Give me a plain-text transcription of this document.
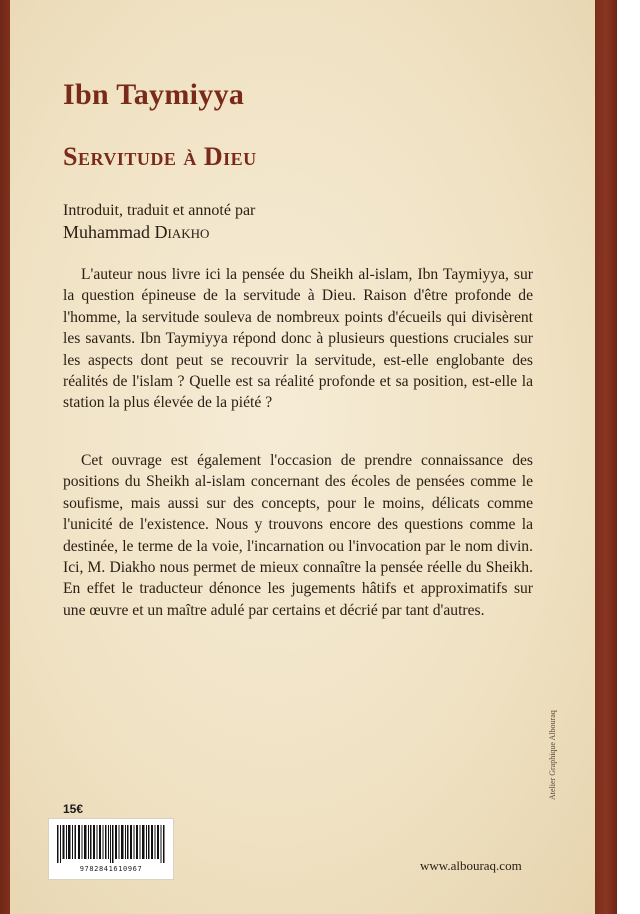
Ibn Taymiyya
Servitude à Dieu
Introduit, traduit et annoté par
Muhammad Diakho

L'auteur nous livre ici la pensée du Sheikh al-islam, Ibn Taymiyya, sur la question épineuse de la servitude à Dieu. Raison d'être profonde de l'homme, la servitude souleva de nombreux points d'écueils qui divisèrent les savants. Ibn Taymiyya répond donc à plusieurs questions cruciales sur les aspects dont peut se recouvrir la servitude, est-elle englobante des réalités de l'islam ? Quelle est sa réalité profonde et sa position, est-elle la station la plus élevée de la piété ?

Cet ouvrage est également l'occasion de prendre connaissance des positions du Sheikh al-islam concernant des écoles de pensées comme le soufisme, mais aussi sur des concepts, pour le moins, délicats comme l'unicité de l'existence. Nous y trouvons encore des questions comme la destinée, le terme de la voie, l'incarnation ou l'invocation par le nom divin. Ici, M. Diakho nous permet de mieux connaître la pensée réelle du Sheikh. En effet le traducteur dénonce les jugements hâtifs et approximatifs sur une œuvre et un maître adulé par certains et décrié par tant d'autres.

15€
9782841610967	www.albouraq.com
Atelier Graphique Albouraq
